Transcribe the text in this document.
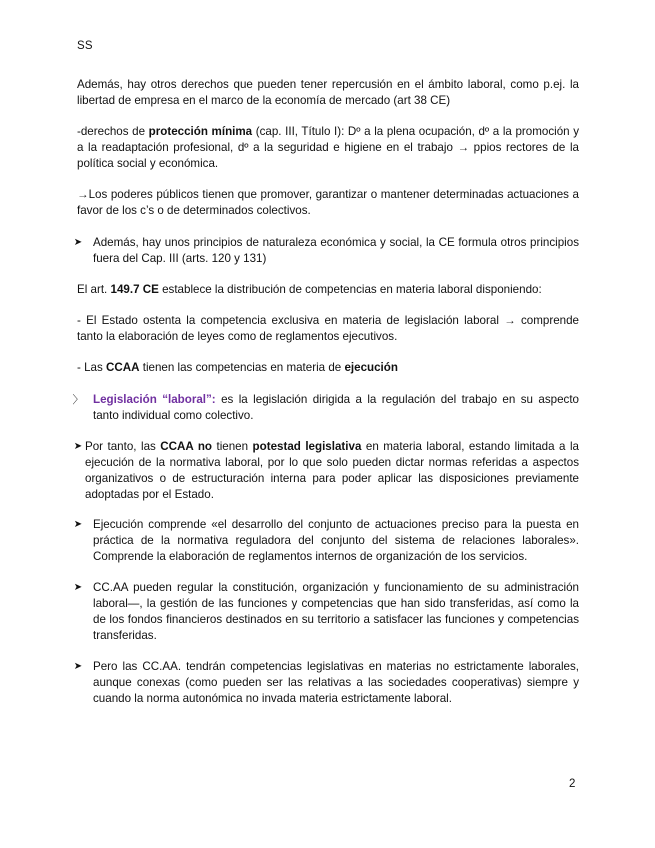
SS
Además, hay otros derechos que pueden tener repercusión en el ámbito laboral, como p.ej. la libertad de empresa en el marco de la economía de mercado (art 38 CE)
-derechos de protección mínima (cap. III, Título I): Dº a la plena ocupación, dº a la promoción y a la readaptación profesional, dº a la seguridad e higiene en el trabajo → ppios rectores de la política social y económica.
→Los poderes públicos tienen que promover, garantizar o mantener determinadas actuaciones a favor de los c’s o de determinados colectivos.
➤ Además, hay unos principios de naturaleza económica y social, la CE formula otros principios fuera del Cap. III (arts. 120 y 131)
El art. 149.7 CE establece la distribución de competencias en materia laboral disponiendo:
- El Estado ostenta la competencia exclusiva en materia de legislación laboral → comprende tanto la elaboración de leyes como de reglamentos ejecutivos.
- Las CCAA tienen las competencias en materia de ejecución
〉 Legislación “laboral”: es la legislación dirigida a la regulación del trabajo en su aspecto tanto individual como colectivo.
➤ Por tanto, las CCAA no tienen potestad legislativa en materia laboral, estando limitada a la ejecución de la normativa laboral, por lo que solo pueden dictar normas referidas a aspectos organizativos o de estructuración interna para poder aplicar las disposiciones previamente adoptadas por el Estado.
➤ Ejecución comprende «el desarrollo del conjunto de actuaciones preciso para la puesta en práctica de la normativa reguladora del conjunto del sistema de relaciones laborales». Comprende la elaboración de reglamentos internos de organización de los servicios.
➤ CC.AA pueden regular la constitución, organización y funcionamiento de su administración laboral—, la gestión de las funciones y competencias que han sido transferidas, así como la de los fondos financieros destinados en su territorio a satisfacer las funciones y competencias transferidas.
➤ Pero las CC.AA. tendrán competencias legislativas en materias no estrictamente laborales, aunque conexas (como pueden ser las relativas a las sociedades cooperativas) siempre y cuando la norma autonómica no invada materia estrictamente laboral.
2
